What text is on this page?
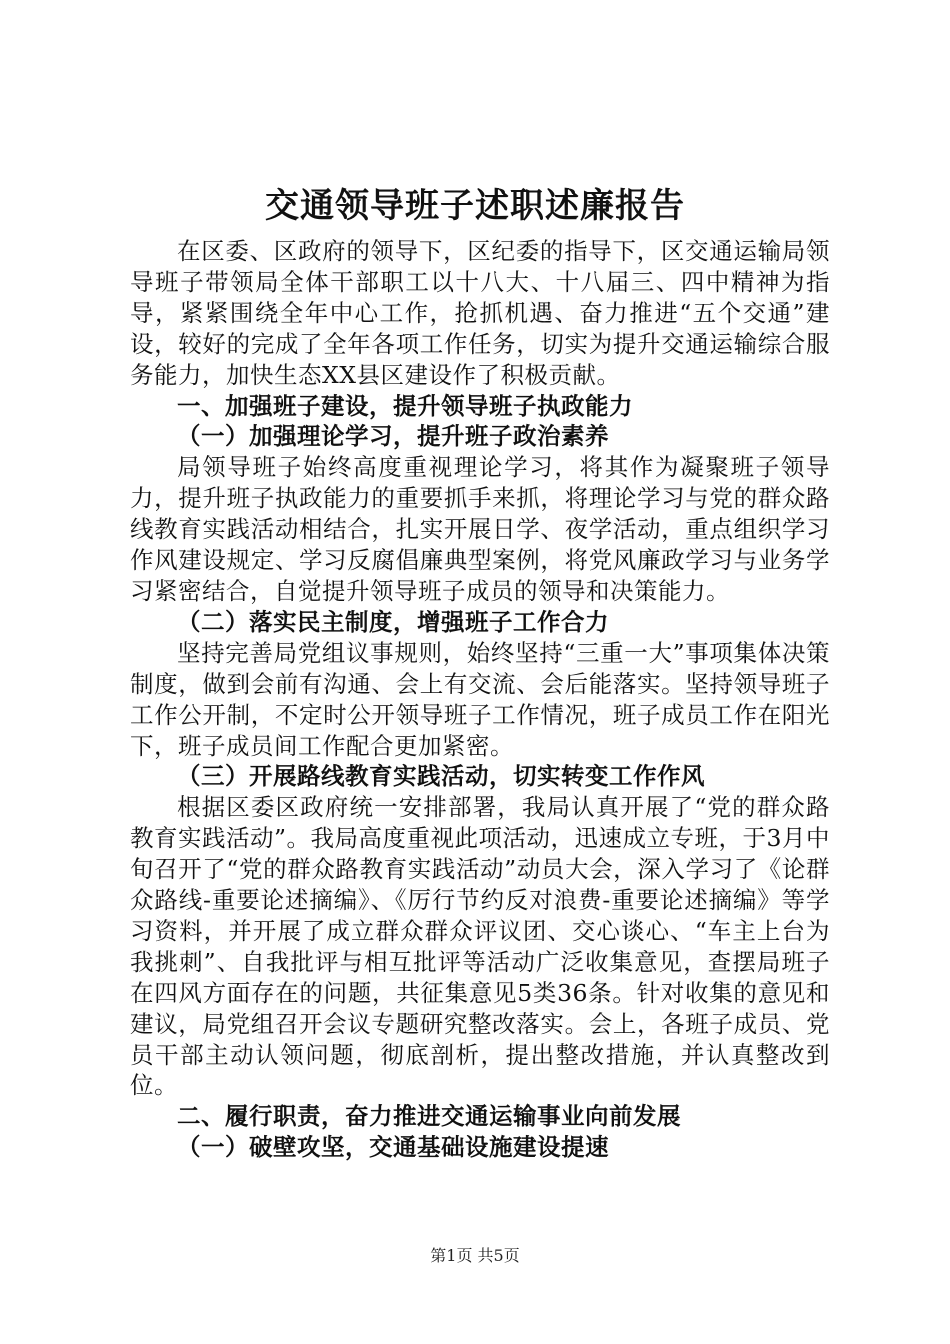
交通领导班子述职述廉报告

在区委、区政府的领导下，区纪委的指导下，区交通运输局领导班子带领局全体干部职工以十八大、十八届三、四中精神为指导，紧紧围绕全年中心工作，抢抓机遇、奋力推进“五个交通”建设，较好的完成了全年各项工作任务，切实为提升交通运输综合服务能力，加快生态XX县区建设作了积极贡献。

一、加强班子建设，提升领导班子执政能力

（一）加强理论学习，提升班子政治素养

局领导班子始终高度重视理论学习，将其作为凝聚班子领导力，提升班子执政能力的重要抓手来抓，将理论学习与党的群众路线教育实践活动相结合，扎实开展日学、夜学活动，重点组织学习作风建设规定、学习反腐倡廉典型案例，将党风廉政学习与业务学习紧密结合，自觉提升领导班子成员的领导和决策能力。

（二）落实民主制度，增强班子工作合力

坚持完善局党组议事规则，始终坚持“三重一大”事项集体决策制度，做到会前有沟通、会上有交流、会后能落实。坚持领导班子工作公开制，不定时公开领导班子工作情况，班子成员工作在阳光下，班子成员间工作配合更加紧密。

（三）开展路线教育实践活动，切实转变工作作风

根据区委区政府统一安排部署，我局认真开展了“党的群众路教育实践活动”。我局高度重视此项活动，迅速成立专班，于3月中旬召开了“党的群众路教育实践活动”动员大会，深入学习了《论群众路线-重要论述摘编》、《厉行节约反对浪费-重要论述摘编》等学习资料，并开展了成立群众群众评议团、交心谈心、“车主上台为我挑刺”、自我批评与相互批评等活动广泛收集意见，查摆局班子在四风方面存在的问题，共征集意见5类36条。针对收集的意见和建议，局党组召开会议专题研究整改落实。会上，各班子成员、党员干部主动认领问题，彻底剖析，提出整改措施，并认真整改到位。

二、履行职责，奋力推进交通运输事业向前发展

（一）破壁攻坚，交通基础设施建设提速

第1页 共5页
